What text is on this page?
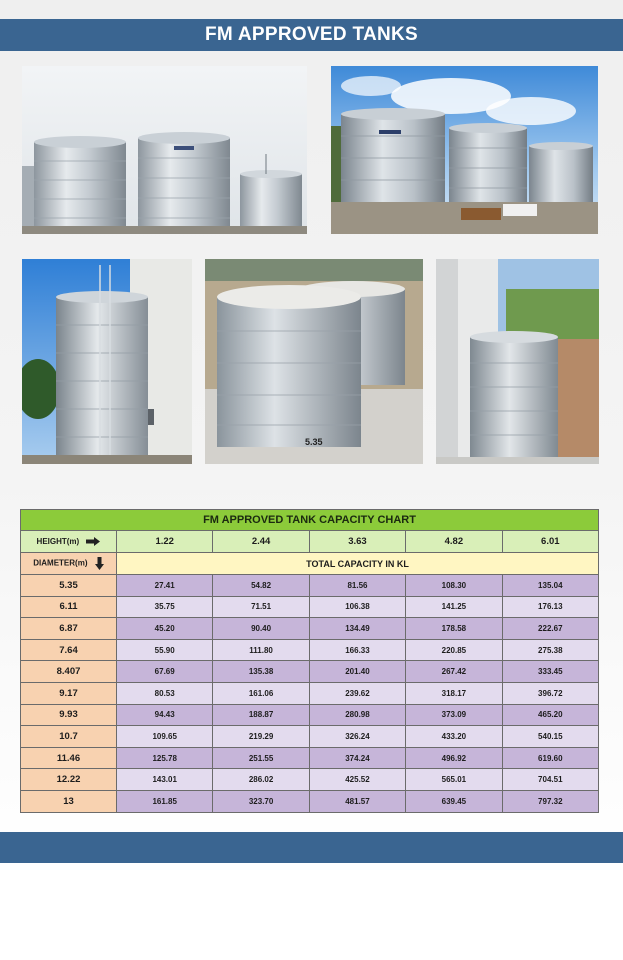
FM APPROVED TANKS
5.35
FM APPROVED TANK CAPACITY CHART					
HEIGHT(m)	1.22	2.44	3.63	4.82	6.01
DIAMETER(m)	TOTAL CAPACITY IN KL				
5.35	27.41	54.82	81.56	108.30	135.04
6.11	35.75	71.51	106.38	141.25	176.13
6.87	45.20	90.40	134.49	178.58	222.67
7.64	55.90	111.80	166.33	220.85	275.38
8.407	67.69	135.38	201.40	267.42	333.45
9.17	80.53	161.06	239.62	318.17	396.72
9.93	94.43	188.87	280.98	373.09	465.20
10.7	109.65	219.29	326.24	433.20	540.15
11.46	125.78	251.55	374.24	496.92	619.60
12.22	143.01	286.02	425.52	565.01	704.51
13	161.85	323.70	481.57	639.45	797.32
